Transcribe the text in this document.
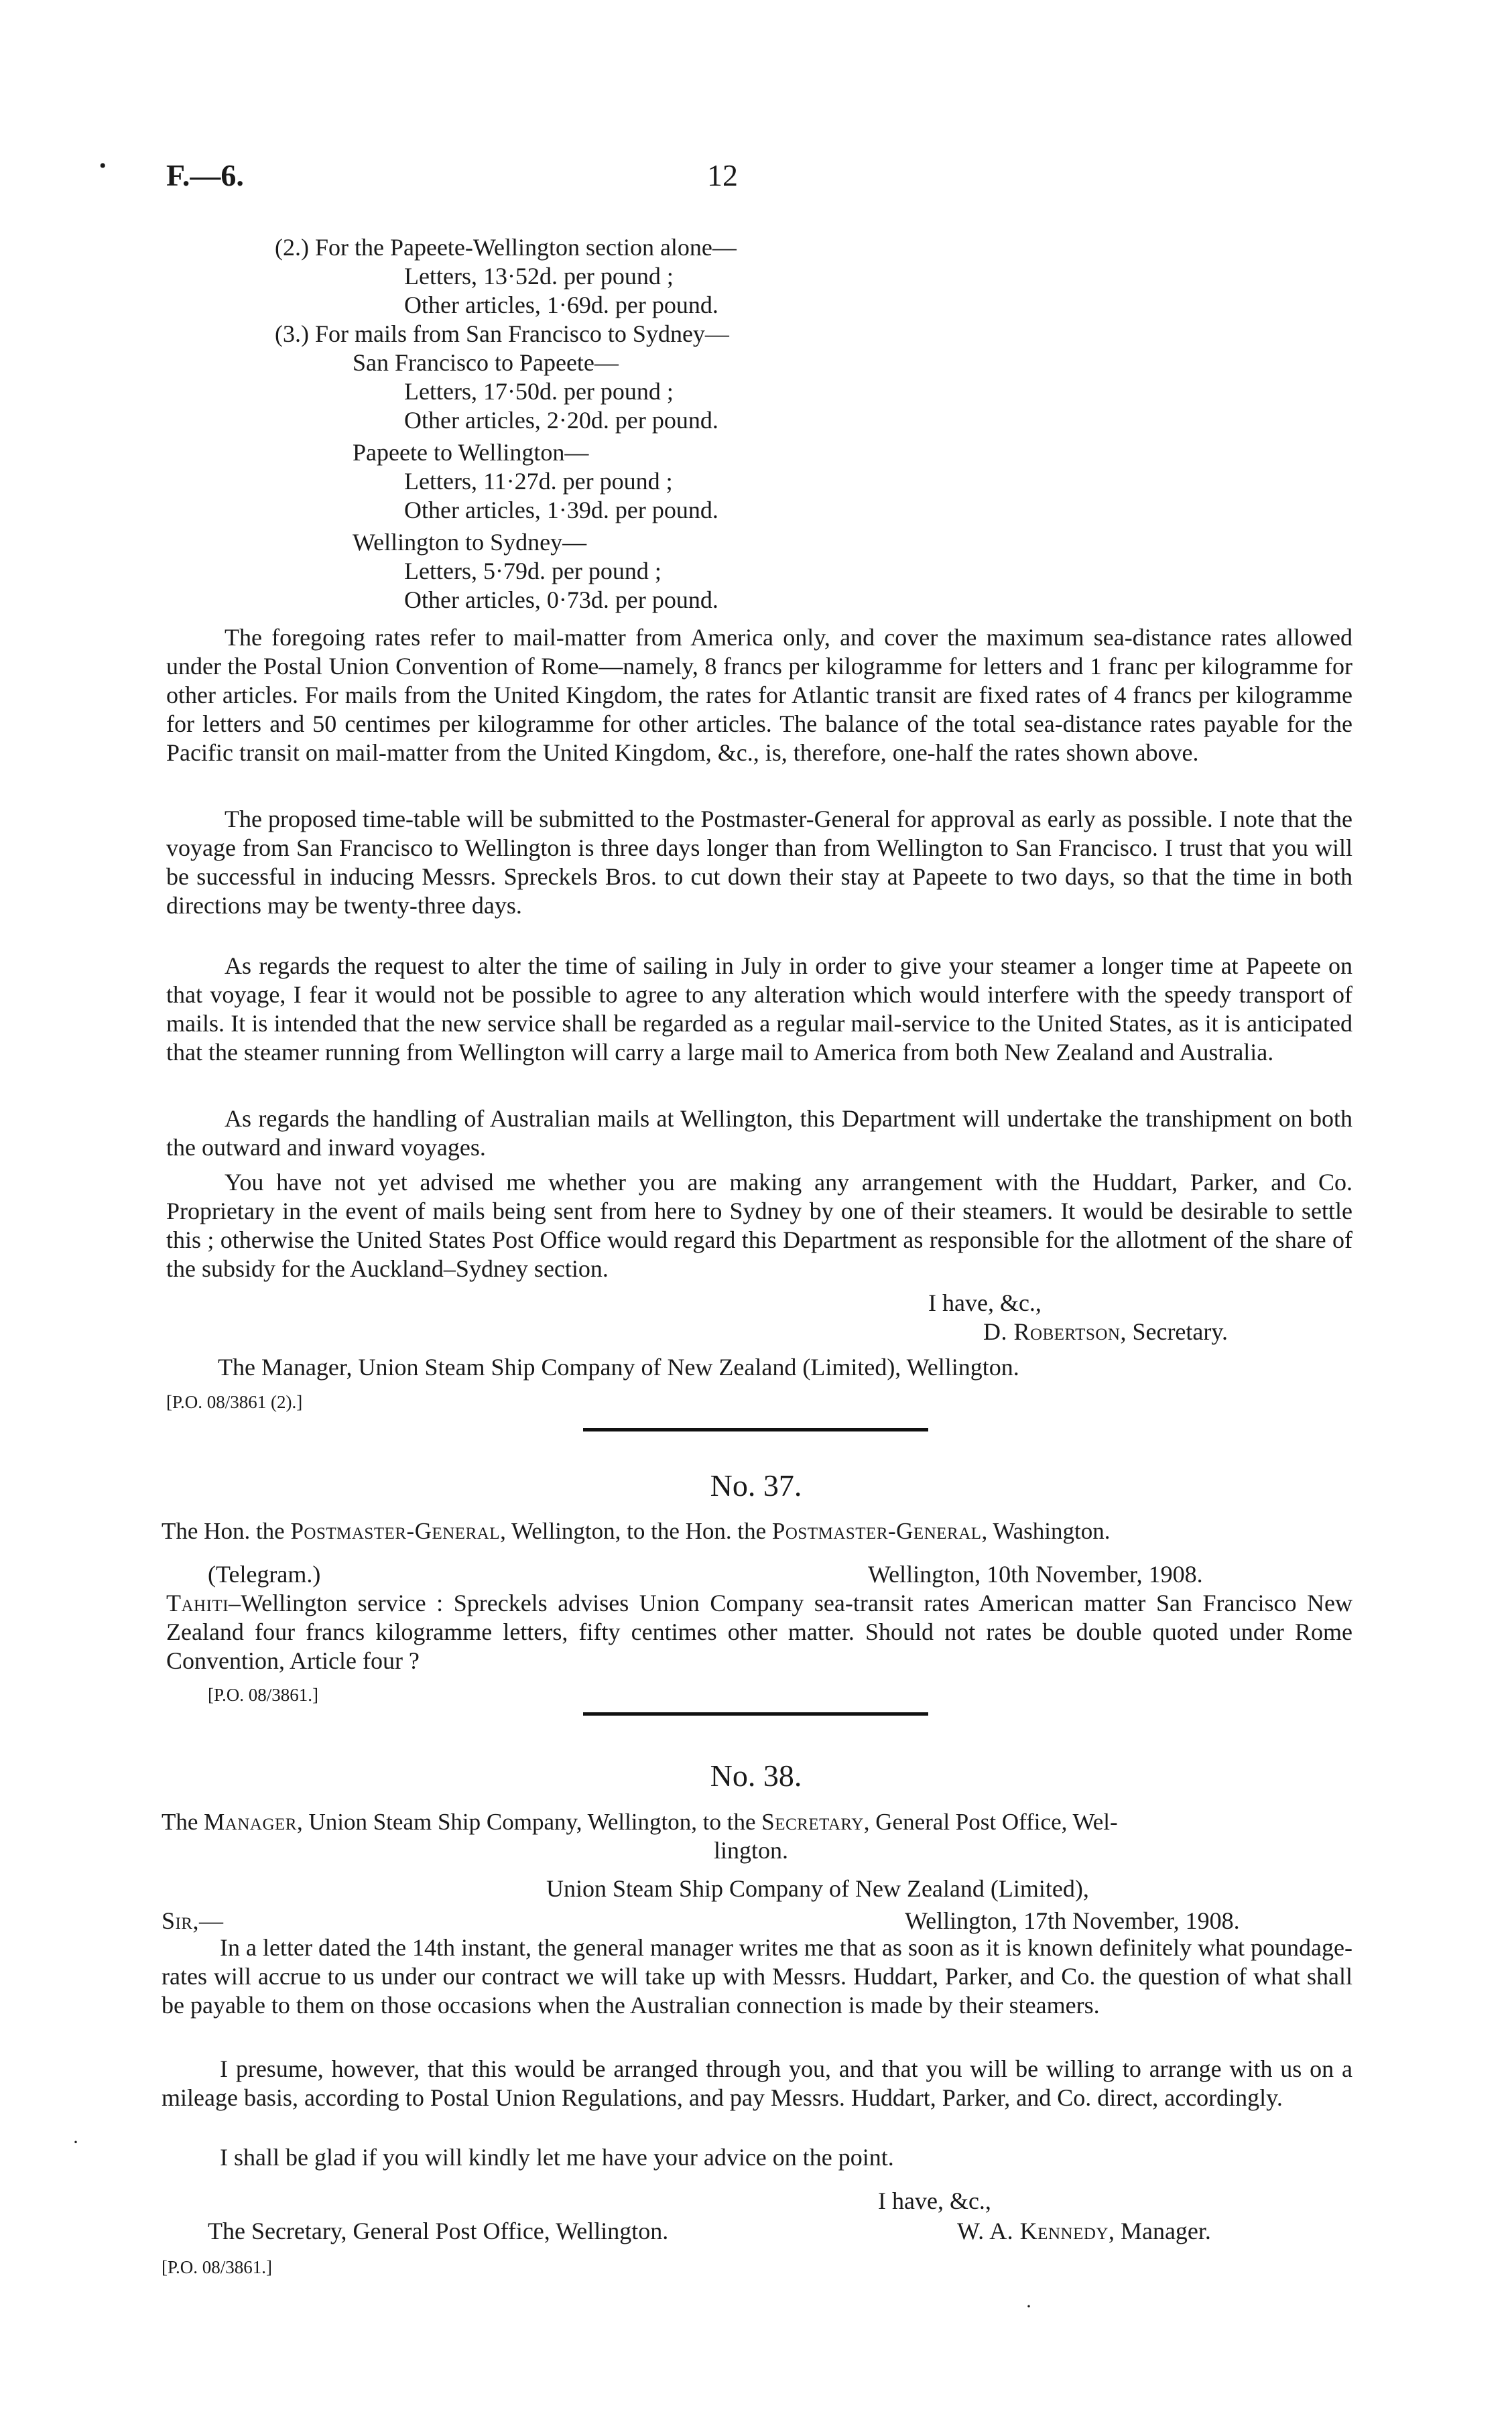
F.—6.	12
(2.) For the Papeete-Wellington section alone—
Letters, 13·52d. per pound ;
Other articles, 1·69d. per pound.
(3.) For mails from San Francisco to Sydney—
San Francisco to Papeete—
Letters, 17·50d. per pound ;
Other articles, 2·20d. per pound.
Papeete to Wellington—
Letters, 11·27d. per pound ;
Other articles, 1·39d. per pound.
Wellington to Sydney—
Letters, 5·79d. per pound ;
Other articles, 0·73d. per pound.
The foregoing rates refer to mail-matter from America only, and cover the maximum sea-distance rates allowed under the Postal Union Convention of Rome—namely, 8 francs per kilogramme for letters and 1 franc per kilogramme for other articles. For mails from the United Kingdom, the rates for Atlantic transit are fixed rates of 4 francs per kilogramme for letters and 50 centimes per kilogramme for other articles. The balance of the total sea-distance rates payable for the Pacific transit on mail-matter from the United Kingdom, &c., is, therefore, one-half the rates shown above.
The proposed time-table will be submitted to the Postmaster-General for approval as early as possible. I note that the voyage from San Francisco to Wellington is three days longer than from Wellington to San Francisco. I trust that you will be successful in inducing Messrs. Spreckels Bros. to cut down their stay at Papeete to two days, so that the time in both directions may be twenty-three days.
As regards the request to alter the time of sailing in July in order to give your steamer a longer time at Papeete on that voyage, I fear it would not be possible to agree to any alteration which would interfere with the speedy transport of mails. It is intended that the new service shall be regarded as a regular mail-service to the United States, as it is anticipated that the steamer running from Wellington will carry a large mail to America from both New Zealand and Australia.
As regards the handling of Australian mails at Wellington, this Department will undertake the transhipment on both the outward and inward voyages.
You have not yet advised me whether you are making any arrangement with the Huddart, Parker, and Co. Proprietary in the event of mails being sent from here to Sydney by one of their steamers. It would be desirable to settle this ; otherwise the United States Post Office would regard this Department as responsible for the allotment of the share of the subsidy for the Auckland–Sydney section.
I have, &c.,
D. Robertson, Secretary.
The Manager, Union Steam Ship Company of New Zealand (Limited), Wellington.
[P.O. 08/3861 (2).]
No. 37.
The Hon. the Postmaster-General, Wellington, to the Hon. the Postmaster-General, Washington.
(Telegram.)	Wellington, 10th November, 1908.
Tahiti–Wellington service : Spreckels advises Union Company sea-transit rates American matter San Francisco New Zealand four francs kilogramme letters, fifty centimes other matter. Should not rates be double quoted under Rome Convention, Article four ?
[P.O. 08/3861.]
No. 38.
The Manager, Union Steam Ship Company, Wellington, to the Secretary, General Post Office, Wel-
lington.
Union Steam Ship Company of New Zealand (Limited),
Sir,—	Wellington, 17th November, 1908.
In a letter dated the 14th instant, the general manager writes me that as soon as it is known definitely what poundage-rates will accrue to us under our contract we will take up with Messrs. Huddart, Parker, and Co. the question of what shall be payable to them on those occasions when the Australian connection is made by their steamers.
I presume, however, that this would be arranged through you, and that you will be willing to arrange with us on a mileage basis, according to Postal Union Regulations, and pay Messrs. Huddart, Parker, and Co. direct, accordingly.
I shall be glad if you will kindly let me have your advice on the point.
I have, &c.,
The Secretary, General Post Office, Wellington.	W. A. Kennedy, Manager.
[P.O. 08/3861.]
•
·
·
